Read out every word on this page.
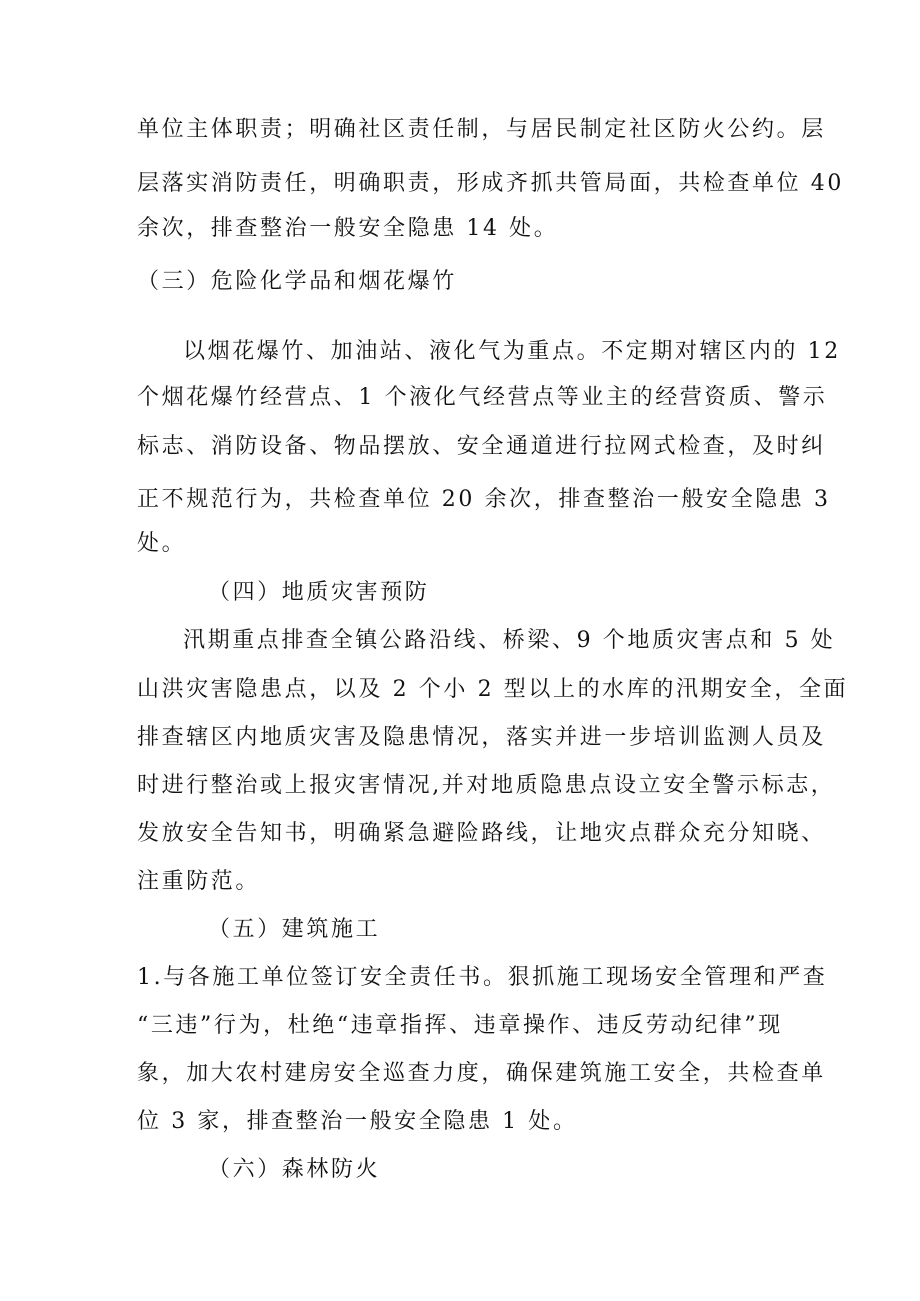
单位主体职责；明确社区责任制，与居民制定社区防火公约。层
层落实消防责任，明确职责，形成齐抓共管局面，共检查单位 40
余次，排查整治一般安全隐患 14 处。
（三）危险化学品和烟花爆竹
以烟花爆竹、加油站、液化气为重点。不定期对辖区内的 12
个烟花爆竹经营点、1 个液化气经营点等业主的经营资质、警示
标志、消防设备、物品摆放、安全通道进行拉网式检查，及时纠
正不规范行为，共检查单位 20 余次，排查整治一般安全隐患 3
处。
（四）地质灾害预防
汛期重点排查全镇公路沿线、桥梁、9 个地质灾害点和 5 处
山洪灾害隐患点，以及 2 个小 2 型以上的水库的汛期安全，全面
排查辖区内地质灾害及隐患情况，落实并进一步培训监测人员及
时进行整治或上报灾害情况,并对地质隐患点设立安全警示标志，
发放安全告知书，明确紧急避险路线，让地灾点群众充分知晓、
注重防范。
（五）建筑施工
1.与各施工单位签订安全责任书。狠抓施工现场安全管理和严查
“三违”行为，杜绝“违章指挥、违章操作、违反劳动纪律”现
象，加大农村建房安全巡查力度，确保建筑施工安全，共检查单
位 3 家，排查整治一般安全隐患 1 处。
（六）森林防火
